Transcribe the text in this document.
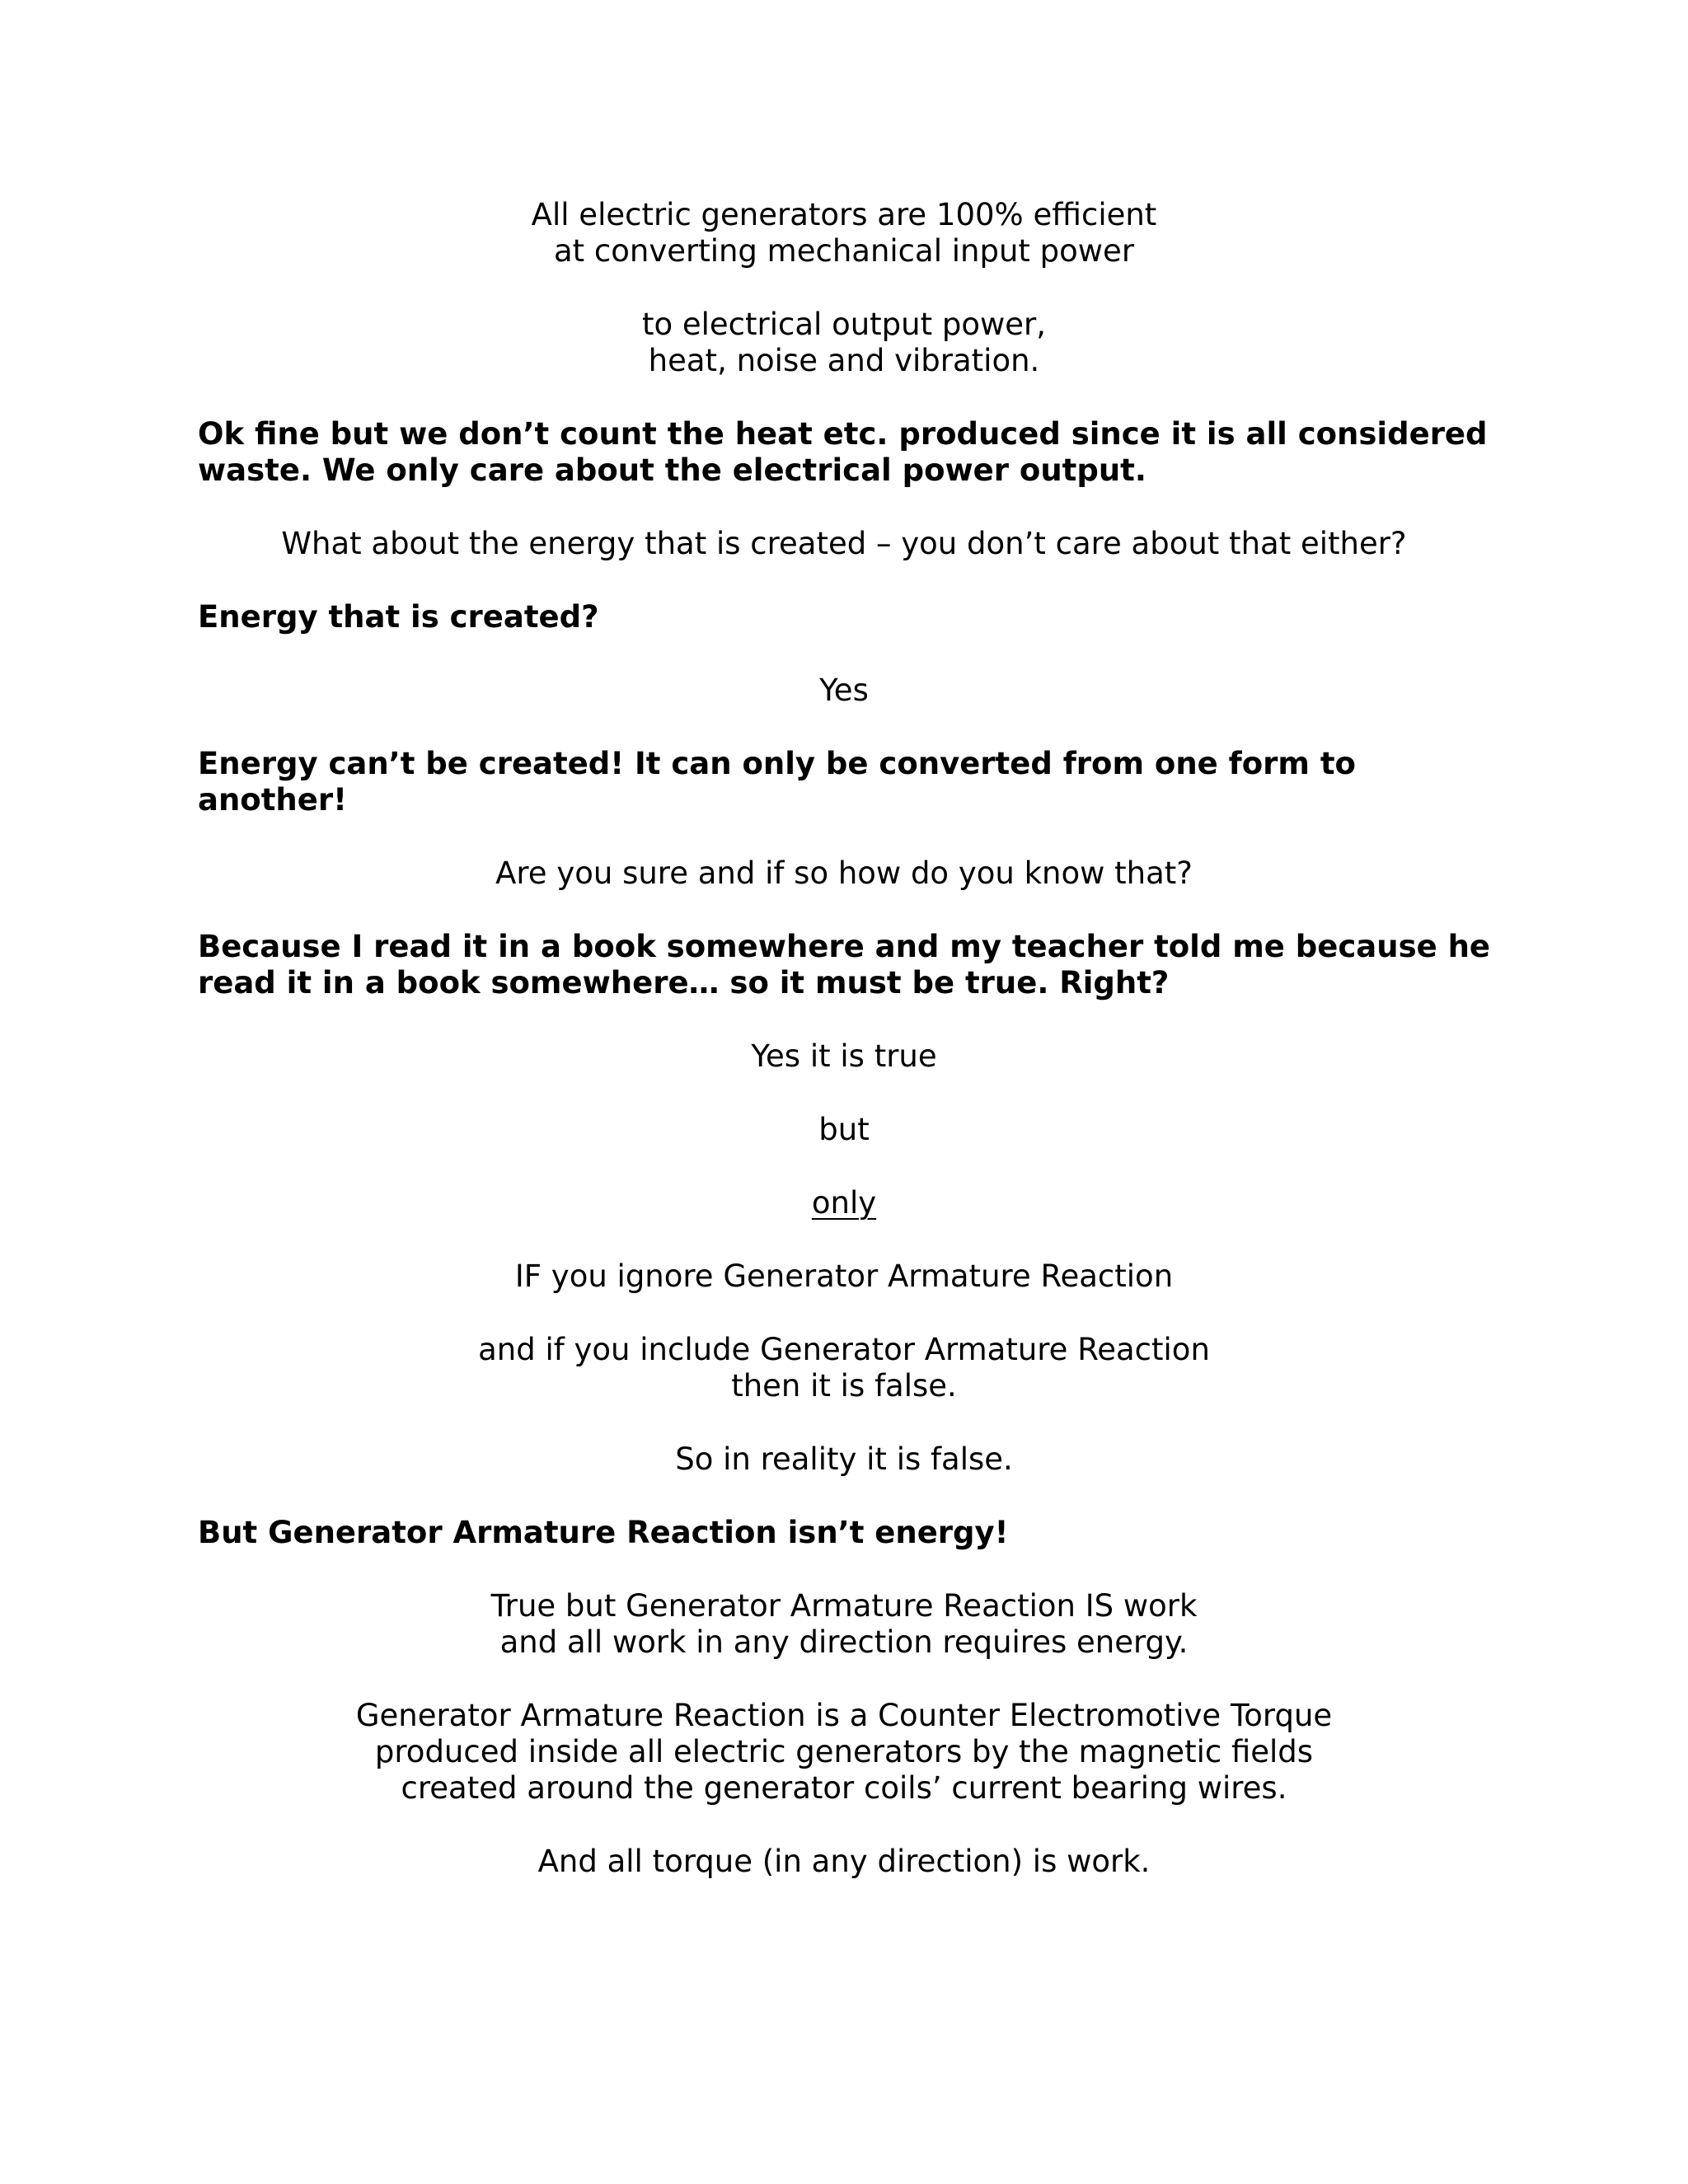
All electric generators are 100% efficient

at converting mechanical input power

to electrical output power,

heat, noise and vibration.

Ok fine but we don’t count the heat etc. produced since it is all considered

waste. We only care about the electrical power output.

What about the energy that is created – you don’t care about that either?

Energy that is created?

Yes

Energy can’t be created! It can only be converted from one form to

another!

Are you sure and if so how do you know that?

Because I read it in a book somewhere and my teacher told me because he

read it in a book somewhere… so it must be true. Right?

Yes it is true

but

only

IF you ignore Generator Armature Reaction

and if you include Generator Armature Reaction

then it is false.

So in reality it is false.

But Generator Armature Reaction isn’t energy!

True but Generator Armature Reaction IS work

and all work in any direction requires energy.

Generator Armature Reaction is a Counter Electromotive Torque

produced inside all electric generators by the magnetic fields

created around the generator coils’ current bearing wires.

And all torque (in any direction) is work.
